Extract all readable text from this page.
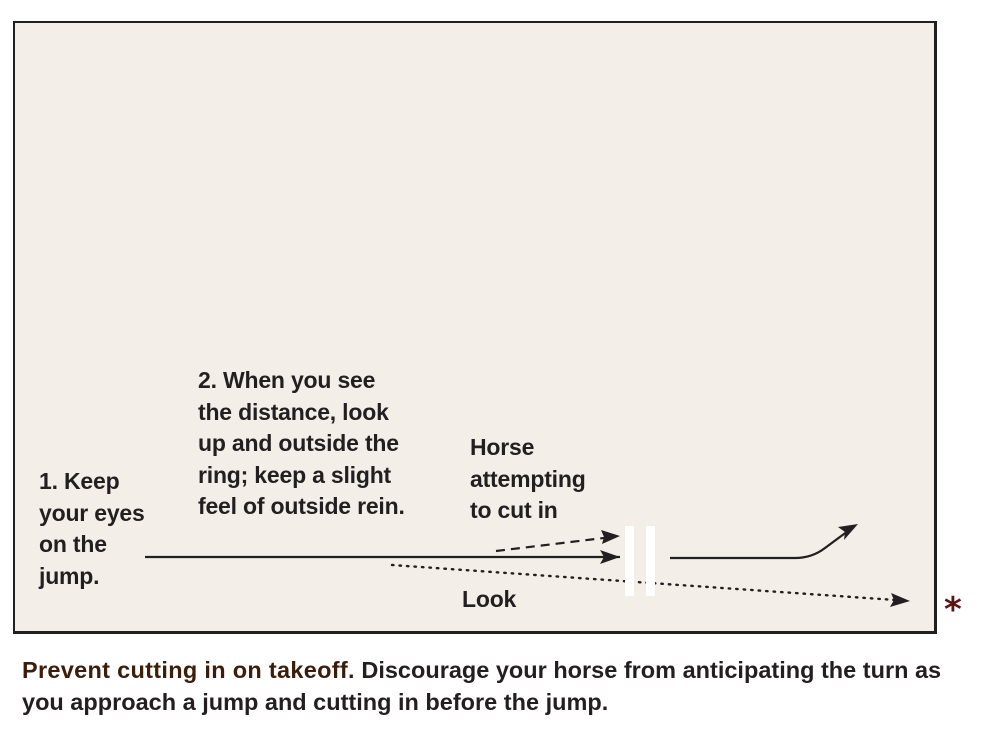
1. Keep
your eyes
on the
jump.
2. When you see
the distance, look
up and outside the
ring; keep a slight
feel of outside rein.
Horse
attempting
to cut in
Look	*
Prevent cutting in on takeoff. Discourage your horse from anticipating the turn as you approach a jump and cutting in before the jump.
